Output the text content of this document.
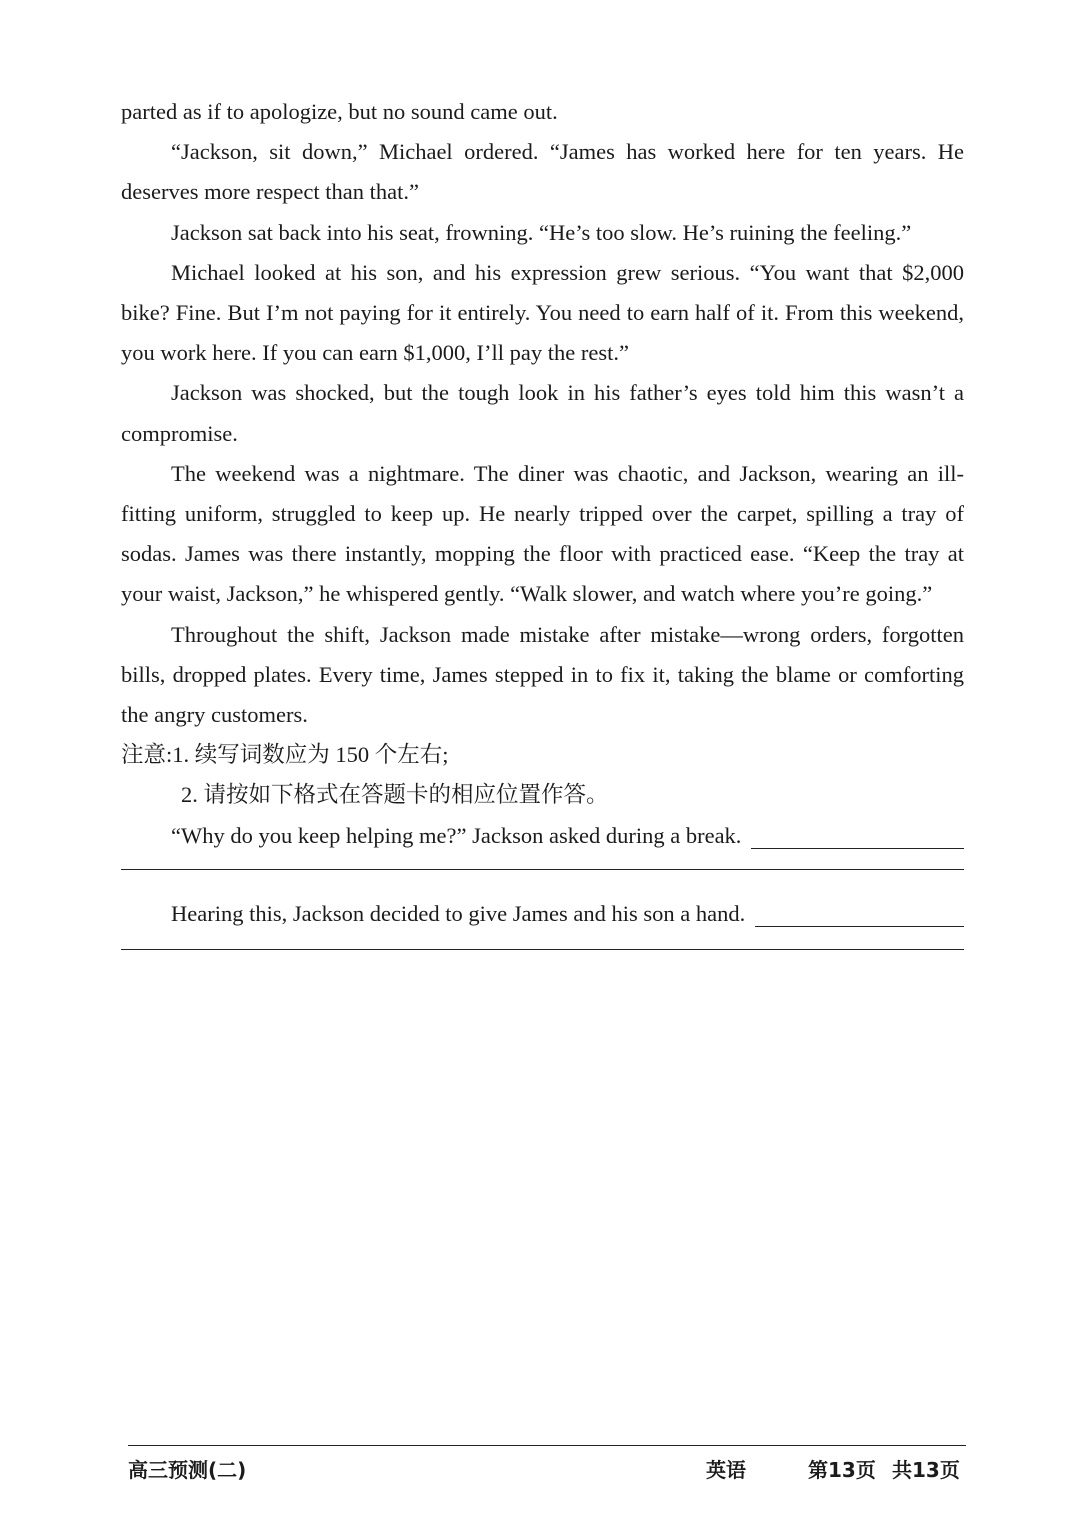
parted as if to apologize, but no sound came out.

“Jackson, sit down,” Michael ordered. “James has worked here for ten years. He deserves more respect than that.”

Jackson sat back into his seat, frowning. “He’s too slow. He’s ruining the feeling.”

Michael looked at his son, and his expression grew serious. “You want that $2,000 bike? Fine. But I’m not paying for it entirely. You need to earn half of it. From this weekend, you work here. If you can earn $1,000, I’ll pay the rest.”

Jackson was shocked, but the tough look in his father’s eyes told him this wasn’t a compromise.

The weekend was a nightmare. The diner was chaotic, and Jackson, wearing an ill-fitting uniform, struggled to keep up. He nearly tripped over the carpet, spilling a tray of sodas. James was there instantly, mopping the floor with practiced ease. “Keep the tray at your waist, Jackson,” he whispered gently. “Walk slower, and watch where you’re going.”

Throughout the shift, Jackson made mistake after mistake—wrong orders, forgotten bills, dropped plates. Every time, James stepped in to fix it, taking the blame or comforting the angry customers.

注意:1. 续写词数应为 150 个左右;
2. 请按如下格式在答题卡的相应位置作答。
“Why do you keep helping me?” Jackson asked during a break.
Hearing this, Jackson decided to give James and his son a hand.
高三预测(二)	英语	第13页 共13页
